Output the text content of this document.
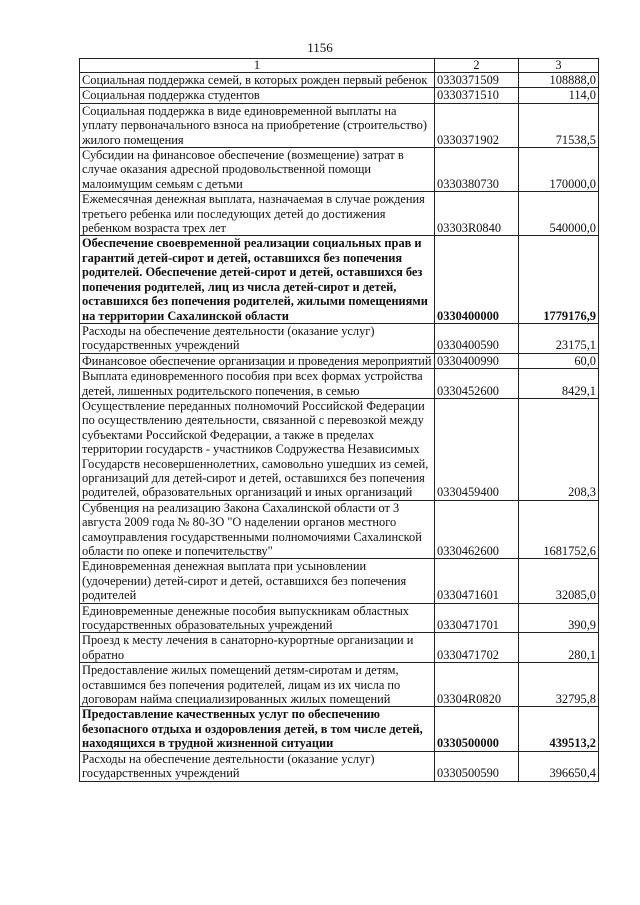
1156
1	2	3
Социальная поддержка семей, в которых рожден первый ребенок	0330371509	108888,0
Социальная поддержка студентов	0330371510	114,0
Социальная поддержка в виде единовременной выплаты на уплату первоначального взноса на приобретение (строительство) жилого помещения	0330371902	71538,5
Субсидии на финансовое обеспечение (возмещение) затрат в случае оказания адресной продовольственной помощи малоимущим семьям с детьми	0330380730	170000,0
Ежемесячная денежная выплата, назначаемая в случае рождения третьего ребенка или последующих детей до достижения ребенком возраста трех лет	03303R0840	540000,0
Обеспечение своевременной реализации социальных прав и гарантий детей-сирот и детей, оставшихся без попечения родителей. Обеспечение детей-сирот и детей, оставшихся без попечения родителей, лиц из числа детей-сирот и детей, оставшихся без попечения родителей, жилыми помещениями на территории Сахалинской области	0330400000	1779176,9
Расходы на обеспечение деятельности (оказание услуг) государственных учреждений	0330400590	23175,1
Финансовое обеспечение организации и проведения мероприятий	0330400990	60,0
Выплата единовременного пособия при всех формах устройства детей, лишенных родительского попечения, в семью	0330452600	8429,1
Осуществление переданных полномочий Российской Федерации по осуществлению деятельности, связанной с перевозкой между субъектами Российской Федерации, а также в пределах территории государств - участников Содружества Независимых Государств несовершеннолетних, самовольно ушедших из семей, организаций для детей-сирот и детей, оставшихся без попечения родителей, образовательных организаций и иных организаций	0330459400	208,3
Субвенция на реализацию Закона Сахалинской области от 3 августа 2009 года № 80-ЗО "О наделении органов местного самоуправления государственными полномочиями Сахалинской области по опеке и попечительству"	0330462600	1681752,6
Единовременная денежная выплата при усыновлении (удочерении) детей-сирот и детей, оставшихся без попечения родителей	0330471601	32085,0
Единовременные денежные пособия выпускникам областных государственных образовательных учреждений	0330471701	390,9
Проезд к месту лечения в санаторно-курортные организации и обратно	0330471702	280,1
Предоставление жилых помещений детям-сиротам и детям, оставшимся без попечения родителей, лицам из их числа по договорам найма специализированных жилых помещений	03304R0820	32795,8
Предоставление качественных услуг по обеспечению безопасного отдыха и оздоровления детей, в том числе детей, находящихся в трудной жизненной ситуации	0330500000	439513,2
Расходы на обеспечение деятельности (оказание услуг) государственных учреждений	0330500590	396650,4
